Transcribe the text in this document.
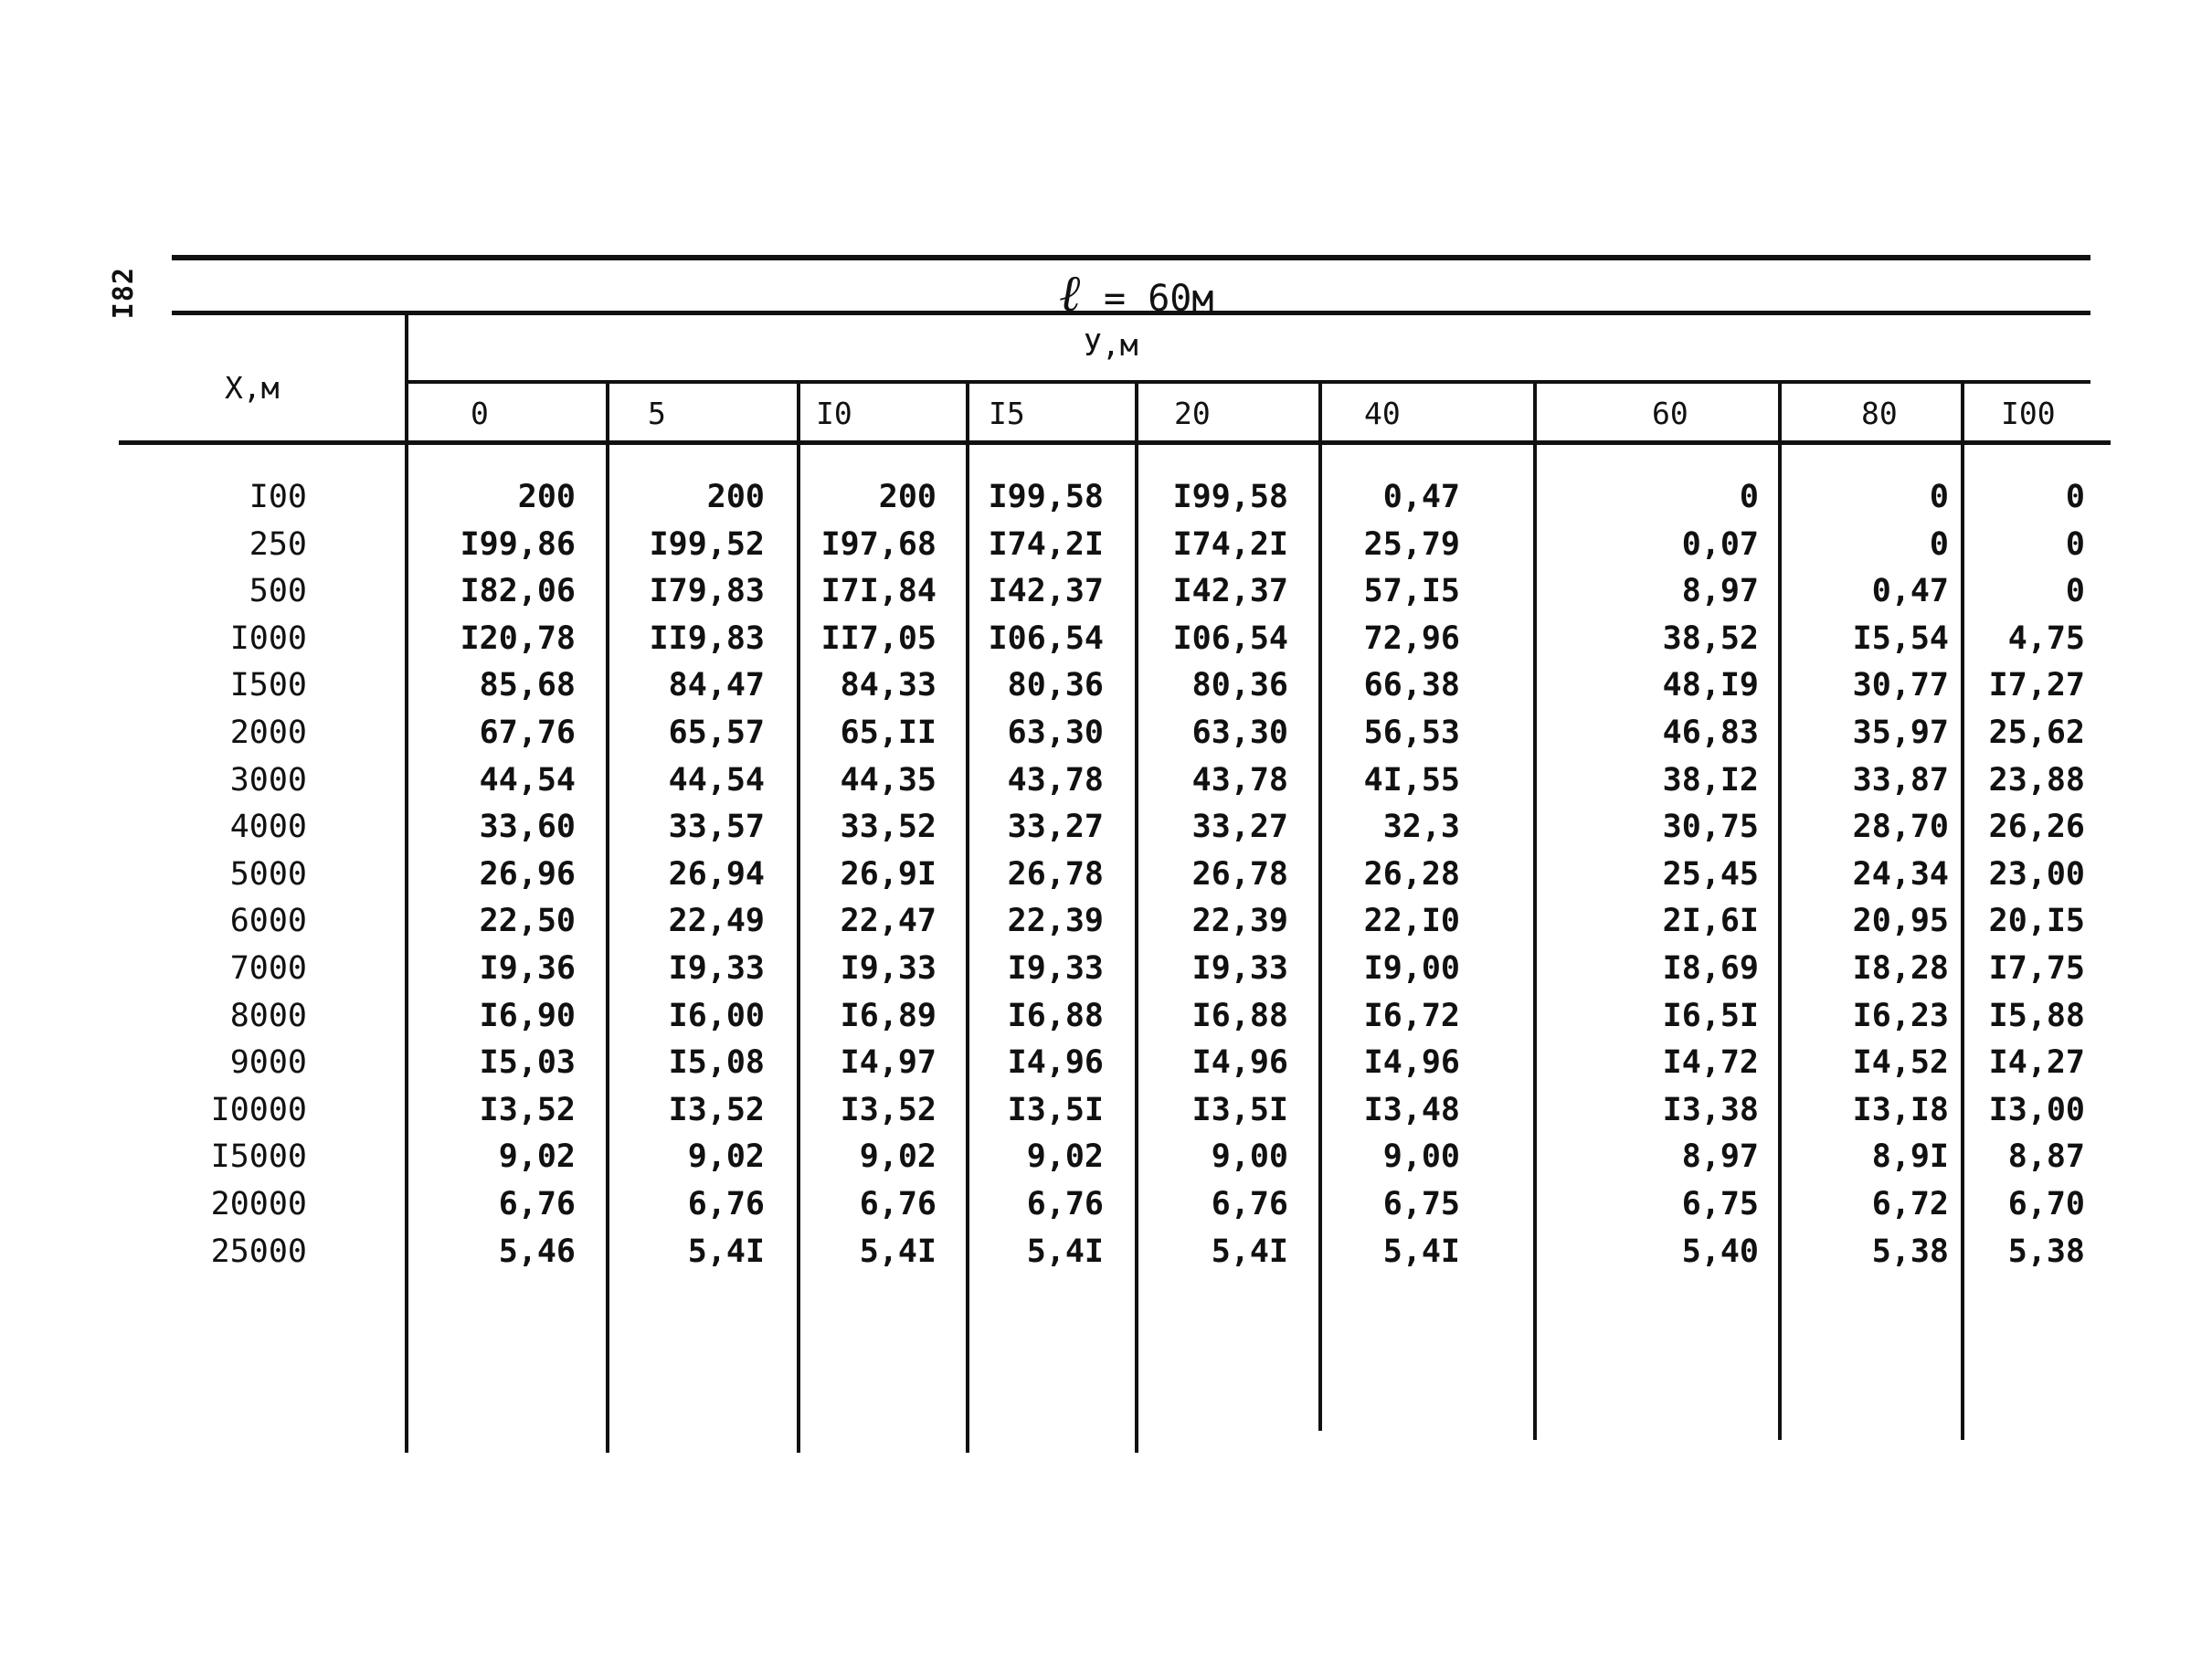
I82	ℓ = 60м
Х,м
У,м
0	5	I0	I5	20	40	60	80	I00
I00	200	200	200	I99,58	I99,58	0,47	0	0	0
250	I99,86	I99,52	I97,68	I74,2I	I74,2I	25,79	0,07	0	0
500	I82,06	I79,83	I7I,84	I42,37	I42,37	57,I5	8,97	0,47	0
I000	I20,78	II9,83	II7,05	I06,54	I06,54	72,96	38,52	I5,54	4,75
I500	85,68	84,47	84,33	80,36	80,36	66,38	48,I9	30,77	I7,27
2000	67,76	65,57	65,II	63,30	63,30	56,53	46,83	35,97	25,62
3000	44,54	44,54	44,35	43,78	43,78	4I,55	38,I2	33,87	23,88
4000	33,60	33,57	33,52	33,27	33,27	32,3	30,75	28,70	26,26
5000	26,96	26,94	26,9I	26,78	26,78	26,28	25,45	24,34	23,00
6000	22,50	22,49	22,47	22,39	22,39	22,I0	2I,6I	20,95	20,I5
7000	I9,36	I9,33	I9,33	I9,33	I9,33	I9,00	I8,69	I8,28	I7,75
8000	I6,90	I6,00	I6,89	I6,88	I6,88	I6,72	I6,5I	I6,23	I5,88
9000	I5,03	I5,08	I4,97	I4,96	I4,96	I4,96	I4,72	I4,52	I4,27
I0000	I3,52	I3,52	I3,52	I3,5I	I3,5I	I3,48	I3,38	I3,I8	I3,00
I5000	9,02	9,02	9,02	9,02	9,00	9,00	8,97	8,9I	8,87
20000	6,76	6,76	6,76	6,76	6,76	6,75	6,75	6,72	6,70
25000	5,46	5,4I	5,4I	5,4I	5,4I	5,4I	5,40	5,38	5,38
